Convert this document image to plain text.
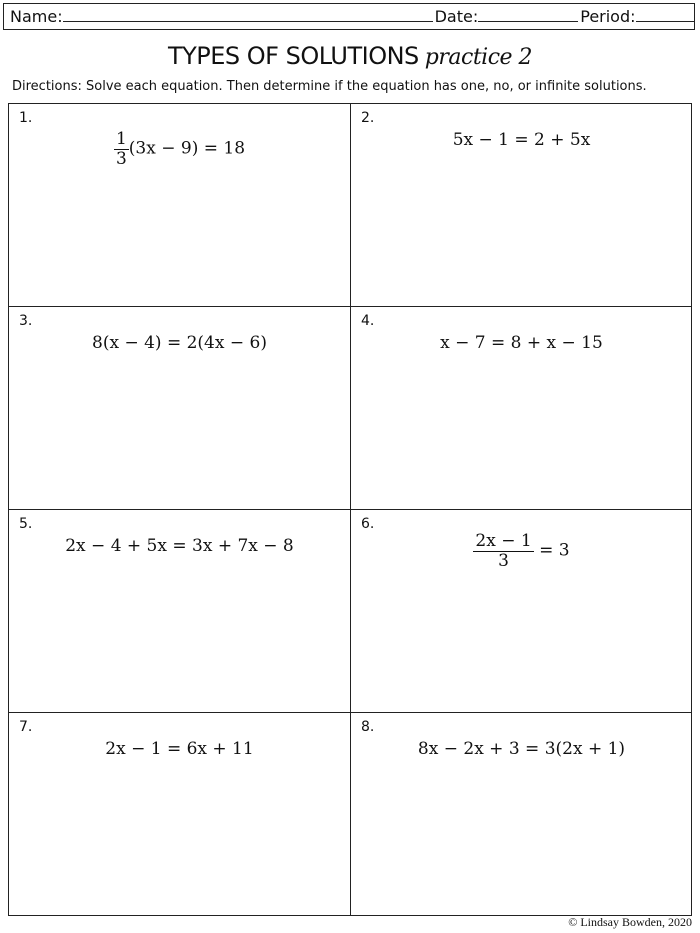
Name:	Date:	Period:
TYPES OF SOLUTIONS practice 2
Directions: Solve each equation. Then determine if the equation has one, no, or infinite solutions.
1.
$\frac{1}{3} (3x - 9) = 18$
2.
5x − 1 = 2 + 5x
3.
8(x − 4) = 2(4x − 6)
4.
x − 7 = 8 + x − 15
5.
2x − 4 + 5x = 3x + 7x − 8
6.
$\frac{2x - 1}{3} = 3$
7.
2x − 1 = 6x + 11
8.
8x − 2x + 3 = 3(2x + 1)
© Lindsay Bowden, 2020
